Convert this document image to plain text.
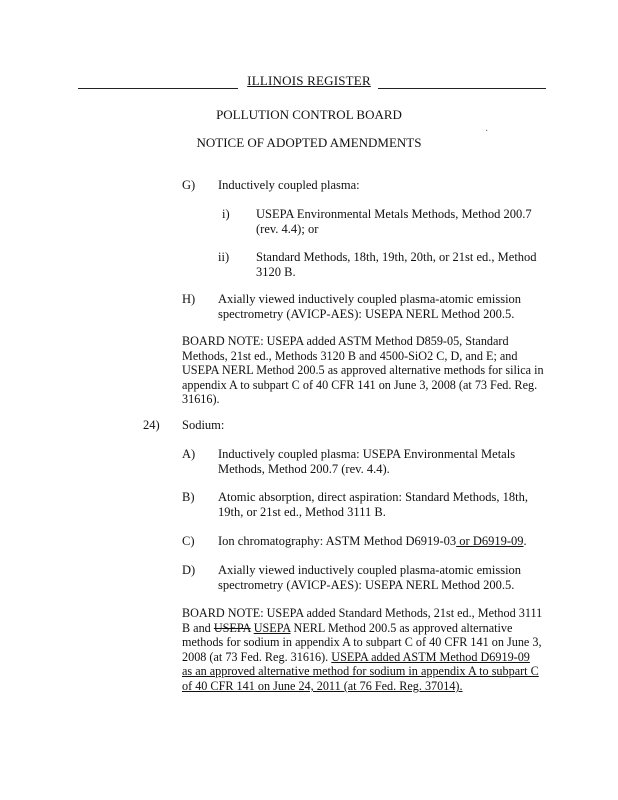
ILLINOIS REGISTER
POLLUTION CONTROL BOARD
NOTICE OF ADOPTED AMENDMENTS
G) Inductively coupled plasma:
i) USEPA Environmental Metals Methods, Method 200.7
(rev. 4.4); or
ii) Standard Methods, 18th, 19th, 20th, or 21st ed., Method
3120 B.
H) Axially viewed inductively coupled plasma-atomic emission
spectrometry (AVICP-AES): USEPA NERL Method 200.5.
BOARD NOTE: USEPA added ASTM Method D859-05, Standard
Methods, 21st ed., Methods 3120 B and 4500-SiO2 C, D, and E; and
USEPA NERL Method 200.5 as approved alternative methods for silica in
appendix A to subpart C of 40 CFR 141 on June 3, 2008 (at 73 Fed. Reg.
31616).
24) Sodium:
A) Inductively coupled plasma: USEPA Environmental Metals
Methods, Method 200.7 (rev. 4.4).
B) Atomic absorption, direct aspiration: Standard Methods, 18th,
19th, or 21st ed., Method 3111 B.
C) Ion chromatography: ASTM Method D6919-03 or D6919-09.
D) Axially viewed inductively coupled plasma-atomic emission
spectrometry (AVICP-AES): USEPA NERL Method 200.5.
BOARD NOTE: USEPA added Standard Methods, 21st ed., Method 3111
B and USEPA USEPA NERL Method 200.5 as approved alternative
methods for sodium in appendix A to subpart C of 40 CFR 141 on June 3,
2008 (at 73 Fed. Reg. 31616). USEPA added ASTM Method D6919-09
as an approved alternative method for sodium in appendix A to subpart C
of 40 CFR 141 on June 24, 2011 (at 76 Fed. Reg. 37014).
·
